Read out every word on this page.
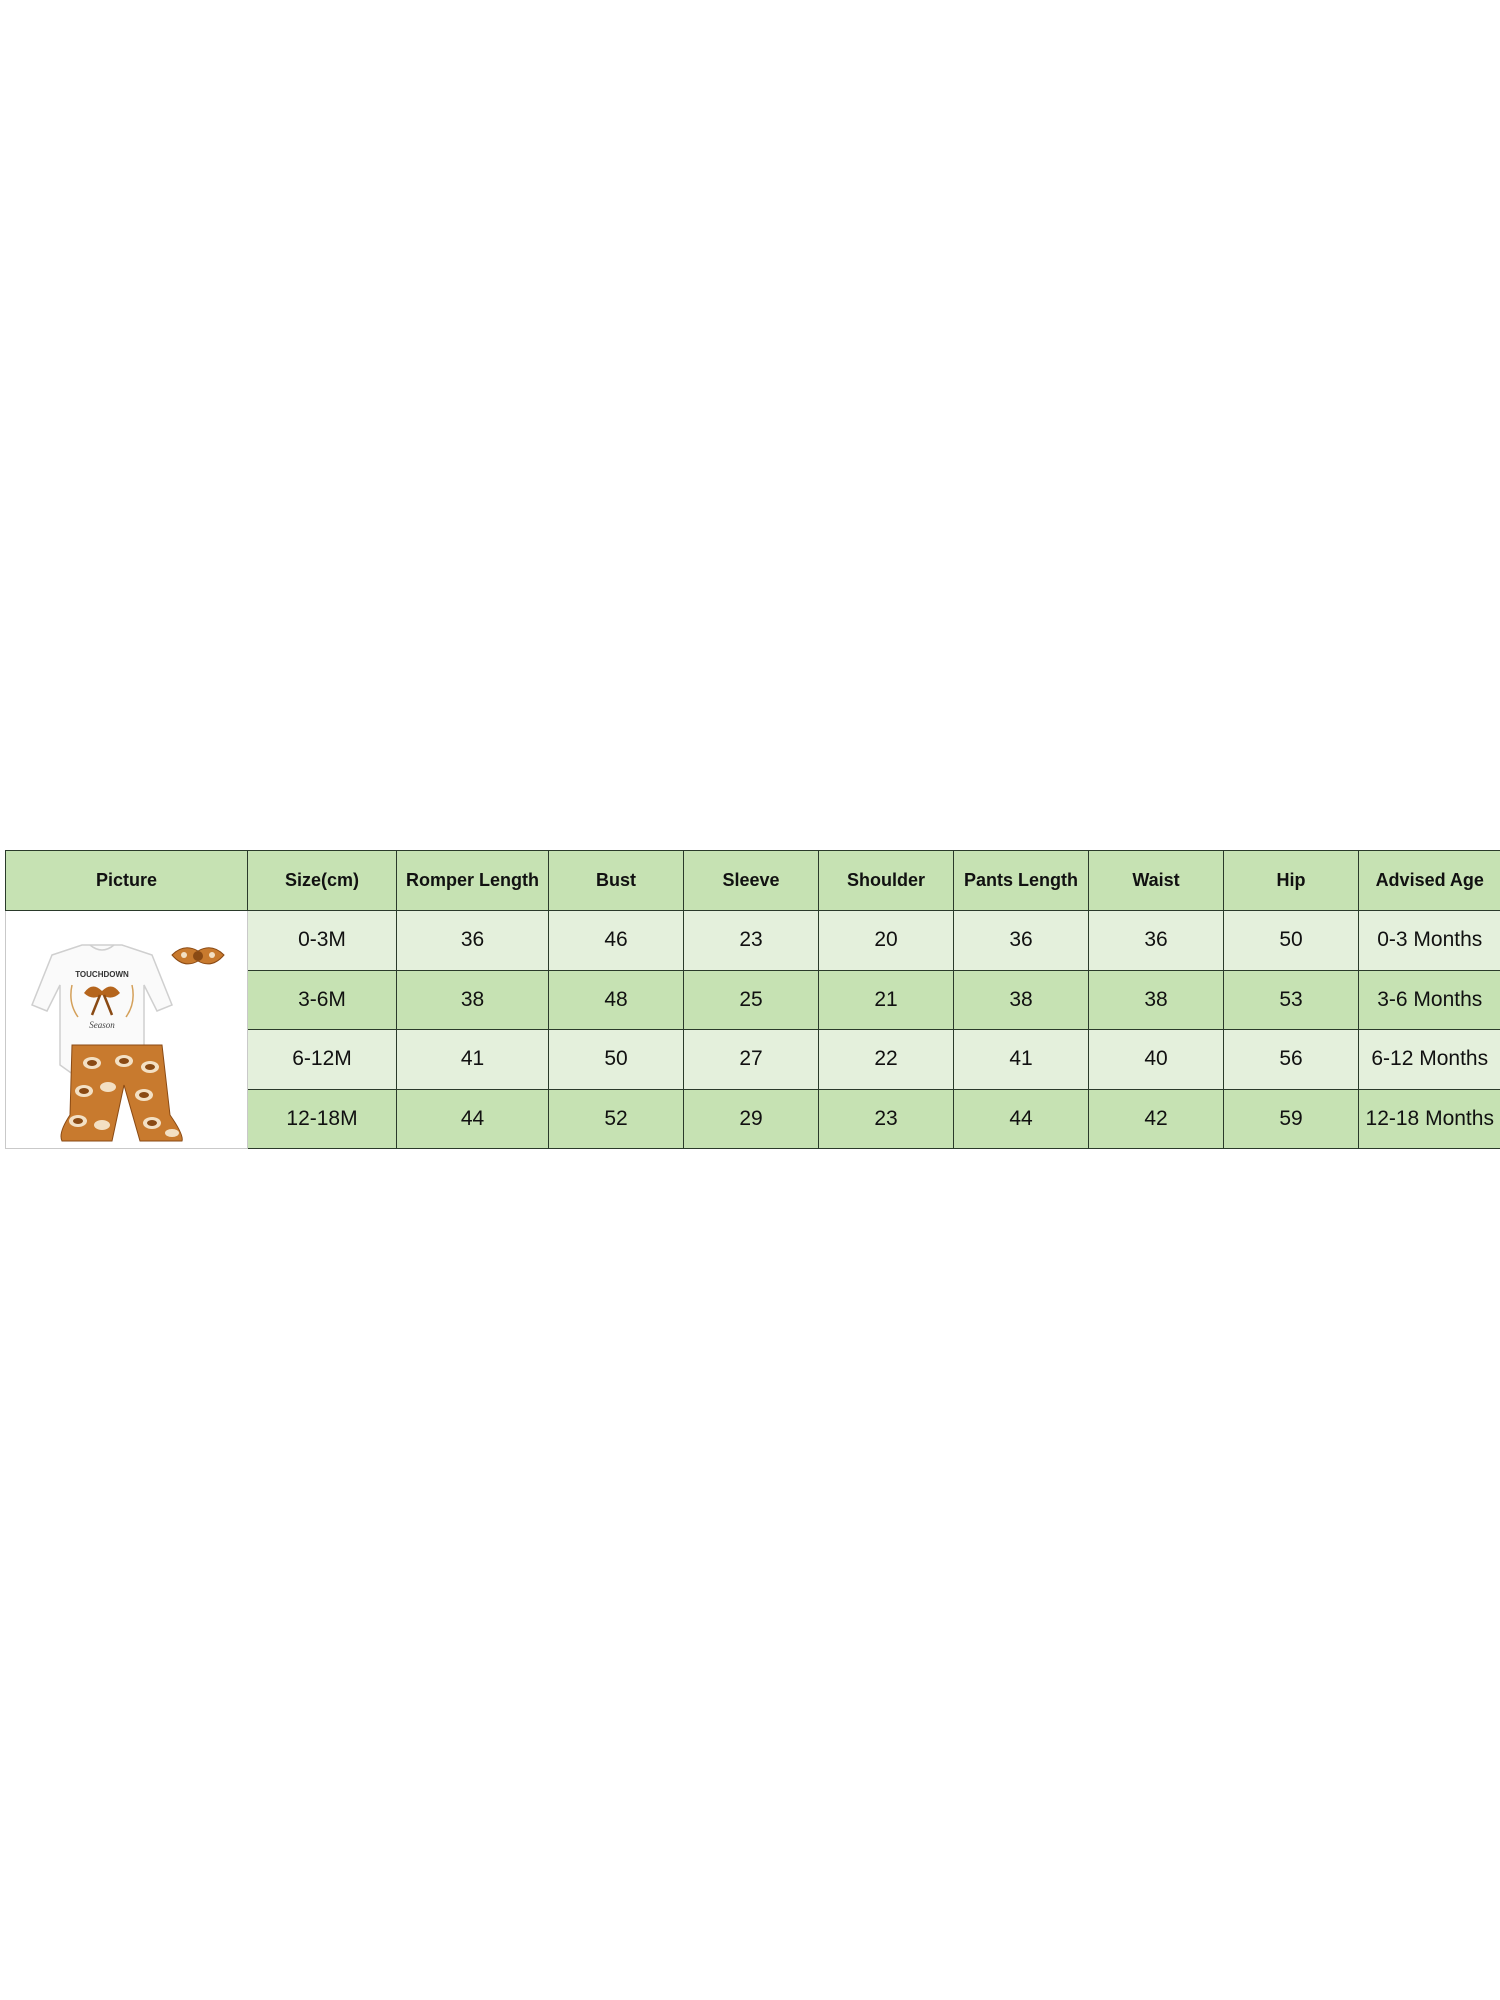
Picture	Size(cm)	Romper Length	Bust	Sleeve	Shoulder	Pants Length	Waist	Hip	Advised Age

TOUCHDOWN
Season	0-3M	36	46	23	20	36	36	50	0-3 Months
	3-6M	38	48	25	21	38	38	53	3-6 Months
	6-12M	41	50	27	22	41	40	56	6-12 Months
	12-18M	44	52	29	23	44	42	59	12-18 Months
